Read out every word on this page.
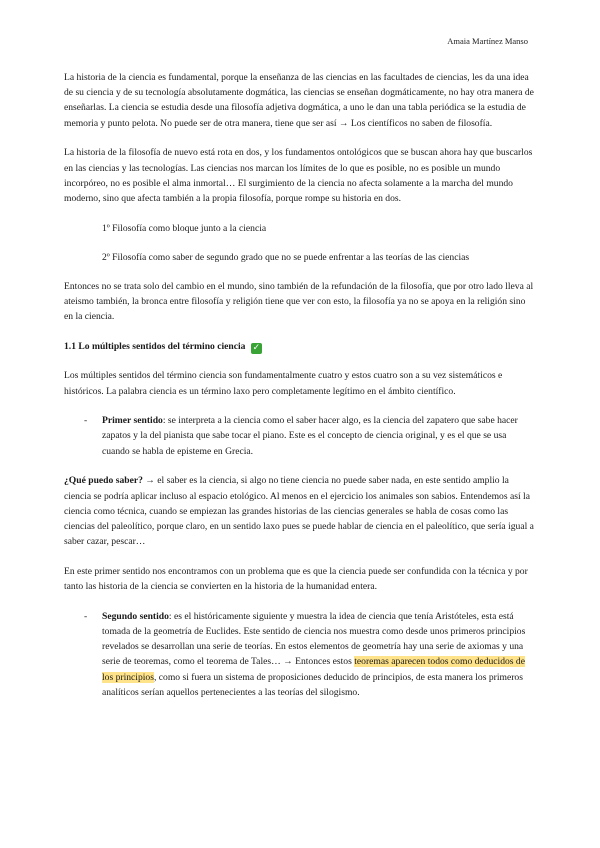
Amaia Martínez Manso

La historia de la ciencia es fundamental, porque la enseñanza de las ciencias en las facultades de ciencias, les da una idea de su ciencia y de su tecnología absolutamente dogmática, las ciencias se enseñan dogmáticamente, no hay otra manera de enseñarlas. La ciencia se estudia desde una filosofía adjetiva dogmática, a uno le dan una tabla periódica se la estudia de memoria y punto pelota. No puede ser de otra manera, tiene que ser así → Los científicos no saben de filosofía.

La historia de la filosofía de nuevo está rota en dos, y los fundamentos ontológicos que se buscan ahora hay que buscarlos en las ciencias y las tecnologías. Las ciencias nos marcan los límites de lo que es posible, no es posible un mundo incorpóreo, no es posible el alma inmortal… El surgimiento de la ciencia no afecta solamente a la marcha del mundo moderno, sino que afecta también a la propia filosofía, porque rompe su historia en dos.

1º Filosofía como bloque junto a la ciencia

2º Filosofía como saber de segundo grado que no se puede enfrentar a las teorías de las ciencias

Entonces no se trata solo del cambio en el mundo, sino también de la refundación de la filosofía, que por otro lado lleva al ateismo también, la bronca entre filosofía y religión tiene que ver con esto, la filosofía ya no se apoya en la religión sino en la ciencia.

1.1 Lo múltiples sentidos del término ciencia ✓

Los múltiples sentidos del término ciencia son fundamentalmente cuatro y estos cuatro son a su vez sistemáticos e históricos. La palabra ciencia es un término laxo pero completamente legítimo en el ámbito científico.

- Primer sentido: se interpreta a la ciencia como el saber hacer algo, es la ciencia del zapatero que sabe hacer zapatos y la del pianista que sabe tocar el piano. Este es el concepto de ciencia original, y es el que se usa cuando se habla de episteme en Grecia.

¿Qué puedo saber? → el saber es la ciencia, si algo no tiene ciencia no puede saber nada, en este sentido amplio la ciencia se podría aplicar incluso al espacio etológico. Al menos en el ejercicio los animales son sabios. Entendemos así la ciencia como técnica, cuando se empiezan las grandes historias de las ciencias generales se habla de cosas como las ciencias del paleolítico, porque claro, en un sentido laxo pues se puede hablar de ciencia en el paleolítico, que sería igual a saber cazar, pescar…

En este primer sentido nos encontramos con un problema que es que la ciencia puede ser confundida con la técnica y por tanto las historia de la ciencia se convierten en la historia de la humanidad entera.

- Segundo sentido: es el históricamente siguiente y muestra la idea de ciencia que tenía Aristóteles, esta está tomada de la geometría de Euclides. Este sentido de ciencia nos muestra como desde unos primeros principios revelados se desarrollan una serie de teorías. En estos elementos de geometría hay una serie de axiomas y una serie de teoremas, como el teorema de Tales… → Entonces estos teoremas aparecen todos como deducidos de los principios, como si fuera un sistema de proposiciones deducido de principios, de esta manera los primeros analíticos serían aquellos pertenecientes a las teorías del silogismo.
